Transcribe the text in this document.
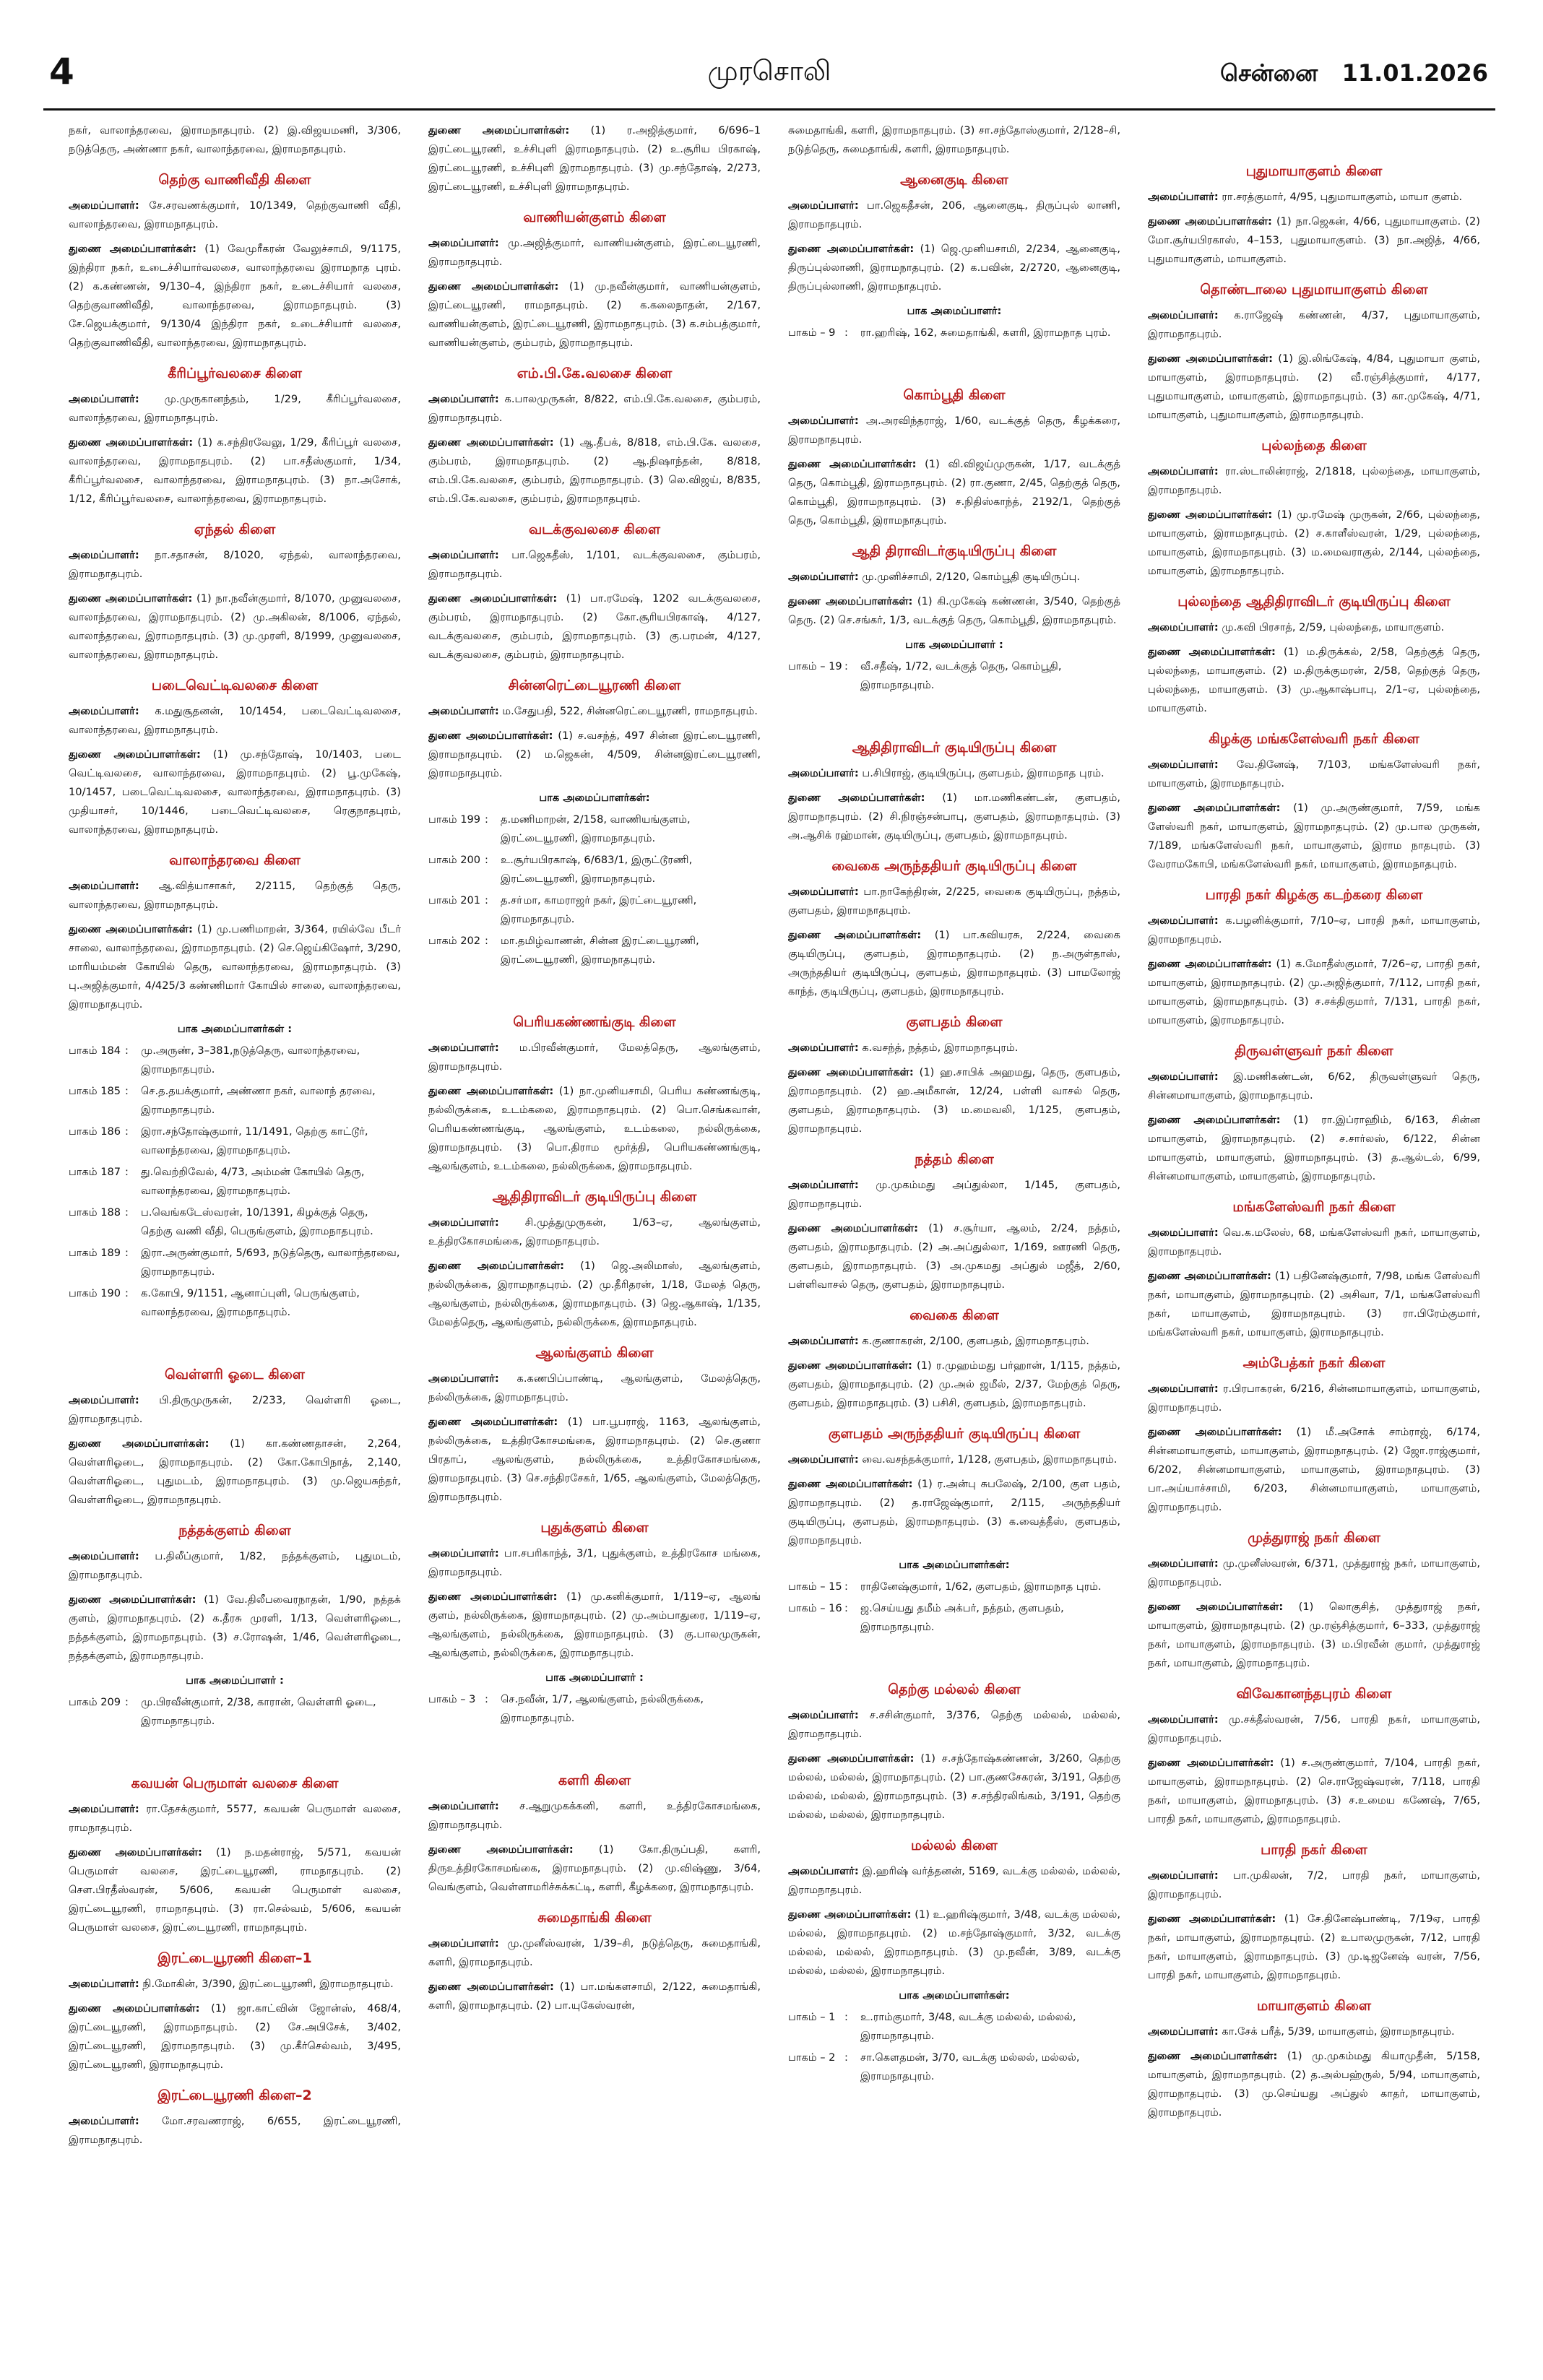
4	முரசொலி	சென்னை 11.01.2026

நகர், வாலாந்தரவை, இராமநாதபுரம். (2) இ.விஜயமணி, 3/306, நடுத்தெரு, அண்ணா நகர், வாலாந்தரவை, இராமநாதபுரம்.

தெற்கு வாணிவீதி கிளை

அமைப்பாளர்: சே.சரவணக்குமார், 10/1349, தெற்குவாணி வீதி, வாலாந்தரவை, இராமநாதபுரம்.

துணை அமைப்பாளர்கள்: (1) வேமுரீகரன் வேலுச்சாமி, 9/1175, இந்திரா நகர், உடைச்சியார்வலசை, வாலாந்தரவை இராமநாத புரம். (2) க.கண்ணன், 9/130–4, இந்திரா நகர், உடைச்சியார் வலசை, தெற்குவாணிவீதி, வாலாந்தரவை, இராமநாதபுரம். (3) சே.ஜெயக்குமார், 9/130/4 இந்திரா நகர், உடைச்சியார் வலசை, தெற்குவாணிவீதி, வாலாந்தரவை, இராமநாதபுரம்.

கீரிப்பூர்வலசை கிளை

அமைப்பாளர்: மு.முருகானந்தம், 1/29, கீரிப்பூர்வலசை, வாலாந்தரவை, இராமநாதபுரம்.

துணை அமைப்பாளர்கள்: (1) க.சந்திரவேலு, 1/29, கீரிப்பூர் வலசை, வாலாந்தரவை, இராமநாதபுரம். (2) பா.சதீஸ்குமார், 1/34, கீரிப்பூர்வலசை, வாலாந்தரவை, இராமநாதபுரம். (3) நா.அசோக், 1/12, கீரிப்பூர்வலசை, வாலாந்தரவை, இராமநாதபுரம்.

ஏந்தல் கிளை

அமைப்பாளர்: நா.சதாசன், 8/1020, ஏந்தல், வாலாந்தரவை, இராமநாதபுரம்.

துணை அமைப்பாளர்கள்: (1) நா.நவீன்குமார், 8/1070, முனுவலசை, வாலாந்தரவை, இராமநாதபுரம். (2) மு.அகிலன், 8/1006, ஏந்தல், வாலாந்தரவை, இராமநாதபுரம். (3) மு.முரளி, 8/1999, முனுவலசை, வாலாந்தரவை, இராமநாதபுரம்.

படைவெட்டிவலசை கிளை

அமைப்பாளர்: க.மதுசூதனன், 10/1454, படைவெட்டிவலசை, வாலாந்தரவை, இராமநாதபுரம்.

துணை அமைப்பாளர்கள்: (1) மு.சந்தோஷ், 10/1403, படை வெட்டிவலசை, வாலாந்தரவை, இராமநாதபுரம். (2) பூ.முகேஷ், 10/1457, படைவெட்டிவலசை, வாலாந்தரவை, இராமநாதபுரம். (3) முதியாசர், 10/1446, படைவெட்டிவலசை, ரெகுநாதபுரம், வாலாந்தரவை, இராமநாதபுரம்.

வாலாந்தரவை கிளை

அமைப்பாளர்: ஆ.வித்யாசாகர், 2/2115, தெற்குத் தெரு, வாலாந்தரவை, இராமநாதபுரம்.

துணை அமைப்பாளர்கள்: (1) மு.பணிமாறன், 3/364, ரயில்வே பீடர் சாலை, வாலாந்தரவை, இராமநாதபுரம். (2) செ.ஜெய்கிஷோர், 3/290, மாரியம்மன் கோயில் தெரு, வாலாந்தரவை, இராமநாதபுரம். (3) பு.அஜித்குமார், 4/425/3 கண்ணிமார் கோயில் சாலை, வாலாந்தரவை, இராமநாதபுரம்.

பாக அமைப்பாளர்கள் :
பாகம் 184 :	மு.அருண், 3–381,நடுத்தெரு, வாலாந்தரவை, இராமநாதபுரம்.
பாகம் 185 :	செ.த.தயக்குமார், அண்ணா நகர், வாலாந் தரவை, இராமநாதபுரம்.
பாகம் 186 :	இரா.சந்தோஷ்குமார், 11/1491, தெற்கு காட்டூர், வாலாந்தரவை, இராமநாதபுரம்.
பாகம் 187 :	து.வெற்றிவேல், 4/73, அம்மன் கோயில் தெரு, வாலாந்தரவை, இராமநாதபுரம்.
பாகம் 188 :	ப.வெங்கடேஸ்வரன், 10/1391, கிழக்குத் தெரு, தெற்கு வணி வீதி, பெருங்குளம், இராமநாதபுரம்.
பாகம் 189 :	இரா.அருண்குமார், 5/693, நடுத்தெரு, வாலாந்தரவை, இராமநாதபுரம்.
பாகம் 190 :	க.கோபி, 9/1151, ஆனாப்புளி, பெருங்குளம், வாலாந்தரவை, இராமநாதபுரம்.
வெள்ளரி ஓடை கிளை

அமைப்பாளர்: பி.திருமுருகன், 2/233, வெள்ளரி ஓடை, இராமநாதபுரம்.

துணை அமைப்பாளர்கள்: (1) கா.கண்ணதாசன், 2,264, வெள்ளரிஓடை, இராமநாதபுரம். (2) கோ.கோபிநாத், 2,140, வெள்ளரிஓடை, புதுமடம், இராமநாதபுரம். (3) மு.ஜெயசுந்தர், வெள்ளரிஓடை, இராமநாதபுரம்.

நத்தக்குளம் கிளை

அமைப்பாளர்: ப.திலீப்குமார், 1/82, நத்தக்குளம், புதுமடம், இராமநாதபுரம்.

துணை அமைப்பாளர்கள்: (1) வே.திலீபவைரநாதன், 1/90, நத்தக் குளம், இராமநாதபுரம். (2) க.தீரசு முரளி, 1/13, வெள்ளரிஓடை, நத்தக்குளம், இராமநாதபுரம். (3) ச.ரோஷன், 1/46, வெள்ளரிஓடை, நத்தக்குளம், இராமநாதபுரம்.

பாக அமைப்பாளர் :
பாகம் 209 :	மு.பிரவீன்குமார், 2/38, காரான், வெள்ளரி ஓடை, இராமநாதபுரம்.
கவயன் பெருமாள் வலசை கிளை

அமைப்பாளர்: ரா.தேசக்குமார், 5577, கவயன் பெருமாள் வலசை, ராமநாதபுரம்.

துணை அமைப்பாளர்கள்: (1) ந.மதன்ராஜ், 5/571, கவயன் பெருமாள் வலசை, இரட்டையூரணி, ராமநாதபுரம். (2) சௌ.பிரதீஸ்வரன், 5/606, கவயன் பெருமாள் வலசை, இரட்டையூரணி, ராமநாதபுரம். (3) ரா.செல்வம், 5/606, கவயன் பெருமாள் வலசை, இரட்டையூரணி, ராமநாதபுரம்.

இரட்டையூரணி கிளை–1

அமைப்பாளர்: நி.மோகின், 3/390, இரட்டையூரணி, இராமநாதபுரம்.

துணை அமைப்பாளர்கள்: (1) ஜா.காட்வின் ஜோன்ஸ், 468/4, இரட்டையூரணி, இராமநாதபுரம். (2) சே.அபிசேக், 3/402, இரட்டையூரணி, இராமநாதபுரம். (3) மு.கீர்செல்வம், 3/495, இரட்டையூரணி, இராமநாதபுரம்.

இரட்டையூரணி கிளை–2

அமைப்பாளர்: மோ.சரவணராஜ், 6/655, இரட்டையூரணி, இராமநாதபுரம்.

துணை அமைப்பாளர்கள்: (1) ர.அஜித்குமார், 6/696–1 இரட்டையூரணி, உச்சிபுளி இராமநாதபுரம். (2) உ.சூரிய பிரகாஷ், இரட்டையூரணி, உச்சிபுளி இராமநாதபுரம். (3) மு.சந்தோஷ், 2/273, இரட்டையூரணி, உச்சிபுளி இராமநாதபுரம்.

வாணியன்குளம் கிளை

அமைப்பாளர்: மு.அஜித்குமார், வாணியன்குளம், இரட்டையூரணி, இராமநாதபுரம்.

துணை அமைப்பாளர்கள்: (1) மு.நவீன்குமார், வாணியன்குளம், இரட்டையூரணி, ராமநாதபுரம். (2) க.கலைநாதன், 2/167, வாணியன்குளம், இரட்டையூரணி, இராமநாதபுரம். (3) க.சம்பத்குமார், வாணியன்குளம், கும்பரம், இராமநாதபுரம்.

எம்.பி.கே.வலசை கிளை

அமைப்பாளர்: க.பாலமுருகன், 8/822, எம்.பி.கே.வலசை, கும்பரம், இராமநாதபுரம்.

துணை அமைப்பாளர்கள்: (1) ஆ.தீபக், 8/818, எம்.பி.கே. வலசை, கும்பரம், இராமநாதபுரம். (2) ஆ.நிஷாந்தன், 8/818, எம்.பி.கே.வலசை, கும்பரம், இராமநாதபுரம். (3) லெ.விஜய், 8/835, எம்.பி.கே.வலசை, கும்பரம், இராமநாதபுரம்.

வடக்குவலசை கிளை

அமைப்பாளர்: பா.ஜெகதீஸ், 1/101, வடக்குவலசை, கும்பரம், இராமநாதபுரம்.

துணை அமைப்பாளர்கள்: (1) பா.ரமேஷ், 1202 வடக்குவலசை, கும்பரம், இராமநாதபுரம். (2) கோ.சூரியபிரகாஷ், 4/127, வடக்குவலசை, கும்பரம், இராமநாதபுரம். (3) கு.பரமன், 4/127, வடக்குவலசை, கும்பரம், இராமநாதபுரம்.

சின்னரெட்டையூரணி கிளை

அமைப்பாளர்: ம.சேதுபதி, 522, சின்னரெட்டையூரணி, ராமநாதபுரம்.

துணை அமைப்பாளர்கள்: (1) ச.வசந்த், 497 சின்ன இரட்டையூரணி, இராமநாதபுரம். (2) ம.ஜெகன், 4/509, சின்னஇரட்டையூரணி, இராமநாதபுரம்.

பாக அமைப்பாளர்கள்:
பாகம் 199 :	த.மணிமாறன், 2/158, வாணியங்குளம், இரட்டையூரணி, இராமநாதபுரம்.
பாகம் 200 :	உ.சூர்யபிரகாஷ், 6/683/1, இருட்டூரணி, இரட்டையூரணி, இராமநாதபுரம்.
பாகம் 201 :	த.சா்மா, காமராஜர் நகர், இரட்டையூரணி, இராமநாதபுரம்.
பாகம் 202 :	மா.தமிழ்வாணன், சின்ன இரட்டையூரணி, இரட்டையூரணி, இராமநாதபுரம்.
பெரியகண்ணங்குடி கிளை

அமைப்பாளர்: ம.பிரவீன்குமார், மேலத்தெரு, ஆலங்குளம், இராமநாதபுரம்.

துணை அமைப்பாளர்கள்: (1) நா.முனியசாமி, பெரிய கண்ணங்குடி, நல்லிருக்கை, உடம்கலை, இராமநாதபுரம். (2) பொ.செங்கவான், பெரியகண்ணங்குடி, ஆலங்குளம், உடம்கலை, நல்லிருக்கை, இராமநாதபுரம். (3) பொ.திராம மூர்த்தி, பெரியகண்ணங்குடி, ஆலங்குளம், உடம்கலை, நல்லிருக்கை, இராமநாதபுரம்.

ஆதிதிராவிடர் குடியிருப்பு கிளை

அமைப்பாளர்: சி.முத்துமுருகன், 1/63–ஏ, ஆலங்குளம், உத்திரகோசமங்கை, இராமநாதபுரம்.

துணை அமைப்பாளர்கள்: (1) ஜெ.அலிமாஸ், ஆலங்குளம், நல்லிருக்கை, இராமநாதபுரம். (2) மு.தீரிதரன், 1/18, மேலத் தெரு, ஆலங்குளம், நல்லிருக்கை, இராமநாதபுரம். (3) ஜெ.ஆகாஷ், 1/135, மேலத்தெரு, ஆலங்குளம், நல்லிருக்கை, இராமநாதபுரம்.

ஆலங்குளம் கிளை

அமைப்பாளர்: க.கணபிப்பாண்டி, ஆலங்குளம், மேலத்தெரு, நல்லிருக்கை, இராமநாதபுரம்.

துணை அமைப்பாளர்கள்: (1) பா.பூபராஜ், 1163, ஆலங்குளம், நல்லிருக்கை, உத்திரகோசமங்கை, இராமநாதபுரம். (2) செ.குணா பிரதாப், ஆலங்குளம், நல்லிருக்கை, உத்திரகோசமங்கை, இராமநாதபுரம். (3) செ.சந்திரசேகர், 1/65, ஆலங்குளம், மேலத்தெரு, இராமநாதபுரம்.

புதுக்குளம் கிளை

அமைப்பாளர்: பா.சபரிகாந்த், 3/1, புதுக்குளம், உத்திரகோச மங்கை, இராமநாதபுரம்.

துணை அமைப்பாளர்கள்: (1) மு.கனிக்குமார், 1/119–ஏ, ஆலங் குளம், நல்லிருக்கை, இராமநாதபுரம். (2) மு.அம்பாதுரை, 1/119–ஏ, ஆலங்குளம், நல்லிருக்கை, இராமநாதபுரம். (3) கு.பாலமுருகன், ஆலங்குளம், நல்லிருக்கை, இராமநாதபுரம்.

பாக அமைப்பாளர் :
பாகம் – 3 :	செ.நவீன், 1/7, ஆலங்குளம், நல்லிருக்கை, இராமநாதபுரம்.
களரி கிளை

அமைப்பாளர்: ச.ஆறுமுகக்கனி, களரி, உத்திரகோசமங்கை, இராமநாதபுரம்.

துணை அமைப்பாளர்கள்: (1) கோ.திருப்பதி, களரி, திருஉத்திரகோசமங்கை, இராமநாதபுரம். (2) மு.விஷ்ணு, 3/64, வெங்குளம், வெள்ளாமரிச்சுக்கட்டி, களரி, கீழக்கரை, இராமநாதபுரம்.

சுமைதாங்கி கிளை

அமைப்பாளர்: மு.முனீஸ்வரன், 1/39–சி, நடுத்தெரு, சுமைதாங்கி, களரி, இராமநாதபுரம்.

துணை அமைப்பாளர்கள்: (1) பா.மங்களசாமி, 2/122, சுமைதாங்கி, களரி, இராமநாதபுரம். (2) பா.யுகேஸ்வரன்,

சுமைதாங்கி, களரி, இராமநாதபுரம். (3) சா.சந்தோஸ்குமார், 2/128–சி, நடுத்தெரு, சுமைதாங்கி, களரி, இராமநாதபுரம்.

ஆனைகுடி கிளை

அமைப்பாளர்: பா.ஜெகதீசன், 206, ஆனைகுடி, திருப்புல் லாணி, இராமநாதபுரம்.

துணை அமைப்பாளர்கள்: (1) ஜெ.முனியசாமி, 2/234, ஆனைகுடி, திருப்புல்லாணி, இராமநாதபுரம். (2) க.பவின், 2/2720, ஆனைகுடி, திருப்புல்லாணி, இராமநாதபுரம்.

பாக அமைப்பாளர்:
பாகம் – 9 :	ரா.ஹரிஷ், 162, சுமைதாங்கி, களரி, இராமநாத புரம்.
கொம்பூதி கிளை

அமைப்பாளர்: அ.அரவிந்தராஜ், 1/60, வடக்குத் தெரு, கீழக்கரை, இராமநாதபுரம்.

துணை அமைப்பாளர்கள்: (1) வி.விஜய்முருகன், 1/17, வடக்குத் தெரு, கொம்பூதி, இராமநாதபுரம். (2) ரா.குணா, 2/45, தெற்குத் தெரு, கொம்பூதி, இராமநாதபுரம். (3) ச.நிதிஸ்காந்த், 2192/1, தெற்குத் தெரு, கொம்பூதி, இராமநாதபுரம்.

ஆதி திராவிடர்குடியிருப்பு கிளை

அமைப்பாளர்: மு.முனிச்சாமி, 2/120, கொம்பூதி குடியிருப்பு.

துணை அமைப்பாளர்கள்: (1) கி.முகேஷ் கண்ணன், 3/540, தெற்குத் தெரு. (2) செ.சங்கர், 1/3, வடக்குத் தெரு, கொம்பூதி, இராமநாதபுரம்.

பாக அமைப்பாளர் :
பாகம் – 19 :	வீ.சதீஷ், 1/72, வடக்குத் தெரு, கொம்பூதி, இராமநாதபுரம்.
ஆதிதிராவிடர் குடியிருப்பு கிளை

அமைப்பாளர்: ப.சிபிராஜ், குடியிருப்பு, குளபதம், இராமநாத புரம்.

துணை அமைப்பாளர்கள்: (1) மா.மணிகண்டன், குளபதம், இராமநாதபுரம். (2) சி.நிரஞ்சன்பாபு, குளபதம், இராமநாதபுரம். (3) அ.ஆசிக் ரஹ்மான், குடியிருப்பு, குளபதம், இராமநாதபுரம்.

வைகை அருந்ததியர் குடியிருப்பு கிளை

அமைப்பாளர்: பா.நாகேந்திரன், 2/225, வைகை குடியிருப்பு, நத்தம், குளபதம், இராமநாதபுரம்.

துணை அமைப்பாளர்கள்: (1) பா.கவியரசு, 2/224, வைகை குடியிருப்பு, குளபதம், இராமநாதபுரம். (2) ந.அருள்தாஸ், அருந்ததியர் குடியிருப்பு, குளபதம், இராமநாதபுரம். (3) பாமலோஜ் காந்த், குடியிருப்பு, குளபதம், இராமநாதபுரம்.

குளபதம் கிளை

அமைப்பாளர்: க.வசந்த், நத்தம், இராமநாதபுரம்.

துணை அமைப்பாளர்கள்: (1) ஹ.சாபிக் அஹமது, தெரு, குளபதம், இராமநாதபுரம். (2) ஹ.அமீகான், 12/24, பள்ளி வாசல் தெரு, குளபதம், இராமநாதபுரம். (3) ம.மைவலி, 1/125, குளபதம், இராமநாதபுரம்.

நத்தம் கிளை

அமைப்பாளர்: மு.முகம்மது அப்துல்லா, 1/145, குளபதம், இராமநாதபுரம்.

துணை அமைப்பாளர்கள்: (1) ச.சூர்யா, ஆலம், 2/24, நத்தம், குளபதம், இராமநாதபுரம். (2) அ.அப்துல்லா, 1/169, ஊரணி தெரு, குளபதம், இராமநாதபுரம். (3) அ.முகமது அப்துல் மஜீத், 2/60, பள்ளிவாசல் தெரு, குளபதம், இராமநாதபுரம்.

வைகை கிளை

அமைப்பாளர்: க.குணாகரன், 2/100, குளபதம், இராமநாதபுரம்.

துணை அமைப்பாளர்கள்: (1) ர.முஹம்மது பர்ஹான், 1/115, நத்தம், குளபதம், இராமநாதபுரம். (2) மு.அல் ஜமீல், 2/37, மேற்குத் தெரு, குளபதம், இராமநாதபுரம். (3) பசிசி, குளபதம், இராமநாதபுரம்.

குளபதம் அருந்ததியர் குடியிருப்பு கிளை

அமைப்பாளர்: வை.வசந்தக்குமார், 1/128, குளபதம், இராமநாதபுரம்.

துணை அமைப்பாளர்கள்: (1) ர.அன்பு சுபலேஷ், 2/100, குள பதம், இராமநாதபுரம். (2) த.ராஜேஷ்குமார், 2/115, அருந்ததியர் குடியிருப்பு, குளபதம், இராமநாதபுரம். (3) க.வைத்தீஸ், குளபதம், இராமநாதபுரம்.

பாக அமைப்பாளர்கள்:
பாகம் – 15 :	ராதினேஷ்குமார், 1/62, குளபதம், இராமநாத புரம்.
பாகம் – 16 :	ஜ.செய்யது தமீம் அக்பர், நத்தம், குளபதம், இராமநாதபுரம்.
தெற்கு மல்லல் கிளை

அமைப்பாளர்: ச.சசின்குமார், 3/376, தெற்கு மல்லல், மல்லல், இராமநாதபுரம்.

துணை அமைப்பாளர்கள்: (1) ச.சந்தோஷ்கண்ணன், 3/260, தெற்கு மல்லல், மல்லல், இராமநாதபுரம். (2) பா.குணசேகரன், 3/191, தெற்கு மல்லல், மல்லல், இராமநாதபுரம். (3) ச.சந்திரலிங்கம், 3/191, தெற்கு மல்லல், மல்லல், இராமநாதபுரம்.

மல்லல் கிளை

அமைப்பாளர்: இ.ஹரிஷ் வர்த்தனன், 5169, வடக்கு மல்லல், மல்லல், இராமநாதபுரம்.

துணை அமைப்பாளர்கள்: (1) உ.ஹரிஷ்குமார், 3/48, வடக்கு மல்லல், மல்லல், இராமநாதபுரம். (2) ம.சந்தோஷ்குமார், 3/32, வடக்கு மல்லல், மல்லல், இராமநாதபுரம். (3) மு.நவீன், 3/89, வடக்கு மல்லல், மல்லல், இராமநாதபுரம்.

பாக அமைப்பாளர்கள்:
பாகம் – 1 :	உ.ராம்குமார், 3/48, வடக்கு மல்லல், மல்லல், இராமநாதபுரம்.
பாகம் – 2 :	சா.கௌதமன், 3/70, வடக்கு மல்லல், மல்லல், இராமநாதபுரம்.
புதுமாயாகுளம் கிளை

அமைப்பாளர்: ரா.சரத்குமார், 4/95, புதுமாயாகுளம், மாயா குளம்.

துணை அமைப்பாளர்கள்: (1) நா.ஜெகன், 4/66, புதுமாயாகுளம். (2) மோ.சூர்யபிரகாஸ், 4–153, புதுமாயாகுளம். (3) நா.அஜித், 4/66, புதுமாயாகுளம், மாயாகுளம்.

தொண்டாலை புதுமாயாகுளம் கிளை

அமைப்பாளர்: க.ராஜேஷ் கண்ணன், 4/37, புதுமாயாகுளம், இராமநாதபுரம்.

துணை அமைப்பாளர்கள்: (1) இ.லிங்கேஷ், 4/84, புதுமாயா குளம், மாயாகுளம், இராமநாதபுரம். (2) வீ.ரஞ்சித்குமார், 4/177, புதுமாயாகுளம், மாயாகுளம், இராமநாதபுரம். (3) கா.முகேஷ், 4/71, மாயாகுளம், புதுமாயாகுளம், இராமநாதபுரம்.

புல்லந்தை கிளை

அமைப்பாளர்: ரா.ஸ்டாலின்ராஜ், 2/1818, புல்லந்தை, மாயாகுளம், இராமநாதபுரம்.

துணை அமைப்பாளர்கள்: (1) மு.ரமேஷ் முருகன், 2/66, புல்லந்தை, மாயாகுளம், இராமநாதபுரம். (2) ச.காளீஸ்வரன், 1/29, புல்லந்தை, மாயாகுளம், இராமநாதபுரம். (3) ம.மைவராகுல், 2/144, புல்லந்தை, மாயாகுளம், இராமநாதபுரம்.

புல்லந்தை ஆதிதிராவிடர் குடியிருப்பு கிளை

அமைப்பாளர்: மு.கவி பிரசாத், 2/59, புல்லந்தை, மாயாகுளம்.

துணை அமைப்பாளர்கள்: (1) ம.திருக்கல், 2/58, தெற்குத் தெரு, புல்லந்தை, மாயாகுளம். (2) ம.திருக்குமரன், 2/58, தெற்குத் தெரு, புல்லந்தை, மாயாகுளம். (3) மு.ஆகாஷ்பாபு, 2/1–ஏ, புல்லந்தை, மாயாகுளம்.

கிழக்கு மங்களேஸ்வரி நகர் கிளை

அமைப்பாளர்: வே.தினேஷ், 7/103, மங்களேஸ்வரி நகர், மாயாகுளம், இராமநாதபுரம்.

துணை அமைப்பாளர்கள்: (1) மு.அருண்குமார், 7/59, மங்க ளேஸ்வரி நகர், மாயாகுளம், இராமநாதபுரம். (2) மு.பால முருகன், 7/189, மங்களேஸ்வரி நகர், மாயாகுளம், இராம நாதபுரம். (3) வேராமகோபி, மங்களேஸ்வரி நகர், மாயாகுளம், இராமநாதபுரம்.

பாரதி நகர் கிழக்கு கடற்கரை கிளை

அமைப்பாளர்: க.பழனிக்குமார், 7/10–ஏ, பாரதி நகர், மாயாகுளம், இராமநாதபுரம்.

துணை அமைப்பாளர்கள்: (1) க.மோதீஸ்குமார், 7/26–ஏ, பாரதி நகர், மாயாகுளம், இராமநாதபுரம். (2) மு.அஜித்குமார், 7/112, பாரதி நகர், மாயாகுளம், இராமநாதபுரம். (3) ச.சக்திகுமார், 7/131, பாரதி நகர், மாயாகுளம், இராமநாதபுரம்.

திருவள்ளுவர் நகர் கிளை

அமைப்பாளர்: இ.மணிகண்டன், 6/62, திருவள்ளுவர் தெரு, சின்னமாயாகுளம், இராமநாதபுரம்.

துணை அமைப்பாளர்கள்: (1) ரா.இப்ராஹிம், 6/163, சின்ன மாயாகுளம், இராமநாதபுரம். (2) ச.சார்லஸ், 6/122, சின்ன மாயாகுளம், மாயாகுளம், இராமநாதபுரம். (3) த.ஆல்டல், 6/99, சின்னமாயாகுளம், மாயாகுளம், இராமநாதபுரம்.

மங்களேஸ்வரி நகர் கிளை

அமைப்பாளர்: வெ.க.மலேஸ், 68, மங்களேஸ்வரி நகர், மாயாகுளம், இராமநாதபுரம்.

துணை அமைப்பாளர்கள்: (1) பதினேஷ்குமார், 7/98, மங்க ளேஸ்வரி நகர், மாயாகுளம், இராமநாதபுரம். (2) அசிவா, 7/1, மங்களேஸ்வரி நகர், மாயாகுளம், இராமநாதபுரம். (3) ரா.பிரேம்குமார், மங்களேஸ்வரி நகர், மாயாகுளம், இராமநாதபுரம்.

அம்பேத்கர் நகர் கிளை

அமைப்பாளர்: ர.பிரபாகரன், 6/216, சின்னமாயாகுளம், மாயாகுளம், இராமநாதபுரம்.

துணை அமைப்பாளர்கள்: (1) மீ.அசோக் சாம்ராஜ், 6/174, சின்னமாயாகுளம், மாயாகுளம், இராமநாதபுரம். (2) ஜோ.ராஜ்குமார், 6/202, சின்னமாயாகுளம், மாயாகுளம், இராமநாதபுரம். (3) பா.அய்யாச்சாமி, 6/203, சின்னமாயாகுளம், மாயாகுளம், இராமநாதபுரம்.

முத்துராஜ் நகர் கிளை

அமைப்பாளர்: மு.முனீஸ்வரன், 6/371, முத்துராஜ் நகர், மாயாகுளம், இராமநாதபுரம்.

துணை அமைப்பாளர்கள்: (1) லொகுசித், முத்துராஜ் நகர், மாயாகுளம், இராமநாதபுரம். (2) மு.ரஞ்சித்குமார், 6–333, முத்துராஜ் நகர், மாயாகுளம், இராமநாதபுரம். (3) ம.பிரவீன் குமார், முத்துராஜ் நகர், மாயாகுளம், இராமநாதபுரம்.

விவேகானந்தபுரம் கிளை

அமைப்பாளர்: மு.சக்தீஸ்வரன், 7/56, பாரதி நகர், மாயாகுளம், இராமநாதபுரம்.

துணை அமைப்பாளர்கள்: (1) ச.அருண்குமார், 7/104, பாரதி நகர், மாயாகுளம், இராமநாதபுரம். (2) செ.ராஜேஷ்வரன், 7/118, பாரதி நகர், மாயாகுளம், இராமநாதபுரம். (3) ச.உமைய கணேஷ், 7/65, பாரதி நகர், மாயாகுளம், இராமநாதபுரம்.

பாரதி நகர் கிளை

அமைப்பாளர்: பா.முகிலன், 7/2, பாரதி நகர், மாயாகுளம், இராமநாதபுரம்.

துணை அமைப்பாளர்கள்: (1) சே.தினேஷ்பாண்டி, 7/19ஏ, பாரதி நகர், மாயாகுளம், இராமநாதபுரம். (2) உபாலமுருகன், 7/12, பாரதி நகர், மாயாகுளம், இராமநாதபுரம். (3) மு.டிஜனேஷ் வரன், 7/56, பாரதி நகர், மாயாகுளம், இராமநாதபுரம்.

மாயாகுளம் கிளை

அமைப்பாளர்: கா.சேக் பரீத், 5/39, மாயாகுளம், இராமநாதபுரம்.

துணை அமைப்பாளர்கள்: (1) மு.முகம்மது கியாமுதீன், 5/158, மாயாகுளம், இராமநாதபுரம். (2) த.அல்பஹ்ருல், 5/94, மாயாகுளம், இராமநாதபுரம். (3) மு.செய்யது அப்துல் காதர், மாயாகுளம், இராமநாதபுரம்.
